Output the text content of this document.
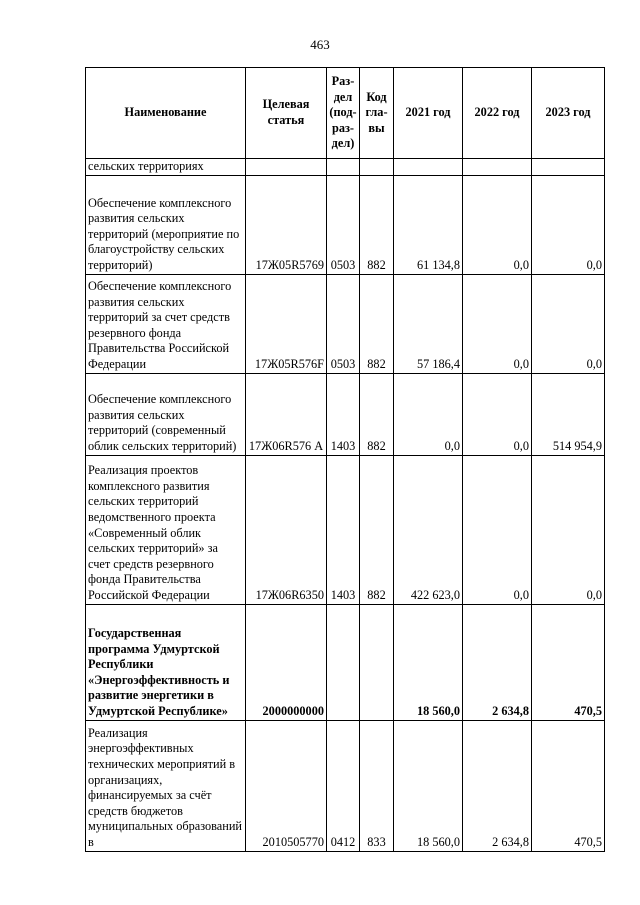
463
Наименование	Целевая статья	Раз-дел (под-раз-дел)	Код гла-вы	2021 год	2022 год	2023 год
сельских территориях						
Обеспечение комплексного развития сельских территорий (мероприятие по благоустройству сельских территорий)	17Ж05R5769	0503	882	61 134,8	0,0	0,0
Обеспечение комплексного развития сельских территорий за счет средств резервного фонда Правительства Российской Федерации	17Ж05R576F	0503	882	57 186,4	0,0	0,0
Обеспечение комплексного развития сельских территорий (современный облик сельских территорий)	17Ж06R576 А	1403	882	0,0	0,0	514 954,9
Реализация проектов комплексного развития сельских территорий ведомственного проекта «Современный облик сельских территорий» за счет средств резервного фонда Правительства Российской Федерации	17Ж06R6350	1403	882	422 623,0	0,0	0,0
Государственная программа Удмуртской Республики «Энергоэффективность и развитие энергетики в Удмуртской Республике»	2000000000			18 560,0	2 634,8	470,5
Реализация энергоэффективных технических мероприятий в организациях, финансируемых за счёт средств бюджетов муниципальных образований в	2010505770	0412	833	18 560,0	2 634,8	470,5
